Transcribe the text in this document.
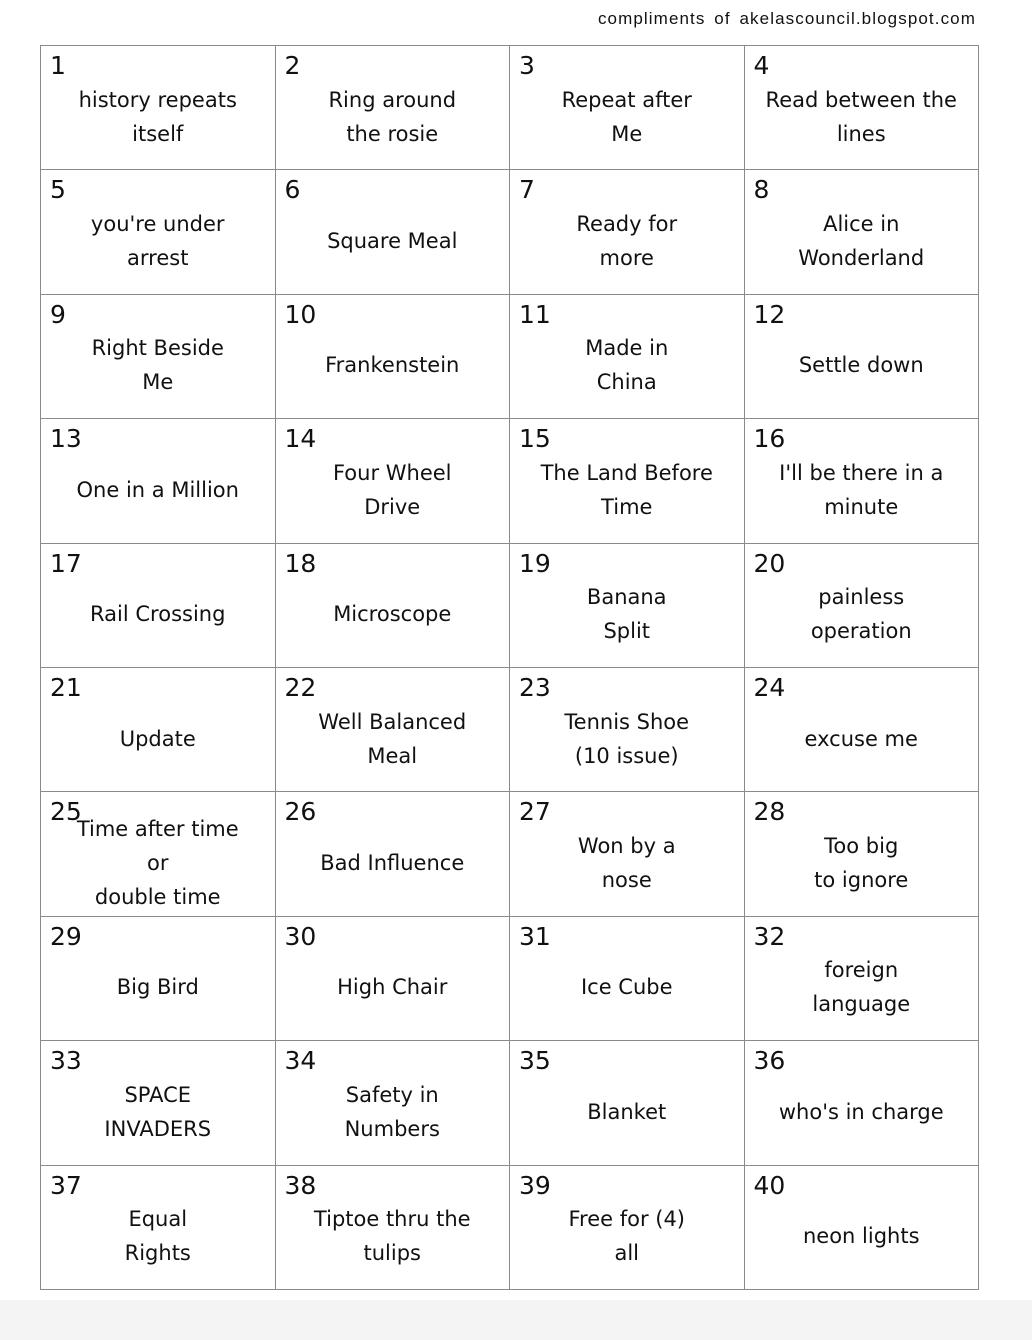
compliments of akelascouncil.blogspot.com
1
history repeats
itself
2
Ring around
the rosie
3
Repeat after
Me
4
Read between the
lines
5
you're under
arrest
6
Square Meal
7
Ready for
more
8
Alice in
Wonderland
9
Right Beside
Me
10
Frankenstein
11
Made in
China
12
Settle down
13
One in a Million
14
Four Wheel
Drive
15
The Land Before
Time
16
I'll be there in a
minute
17
Rail Crossing
18
Microscope
19
Banana
Split
20
painless
operation
21
Update
22
Well Balanced
Meal
23
Tennis Shoe
(10 issue)
24
excuse me
25
Time after time
or
double time
26
Bad Influence
27
Won by a
nose
28
Too big
to ignore
29
Big Bird
30
High Chair
31
Ice Cube
32
foreign
language
33
SPACE
INVADERS
34
Safety in
Numbers
35
Blanket
36
who's in charge
37
Equal
Rights
38
Tiptoe thru the
tulips
39
Free for (4)
all
40
neon lights
